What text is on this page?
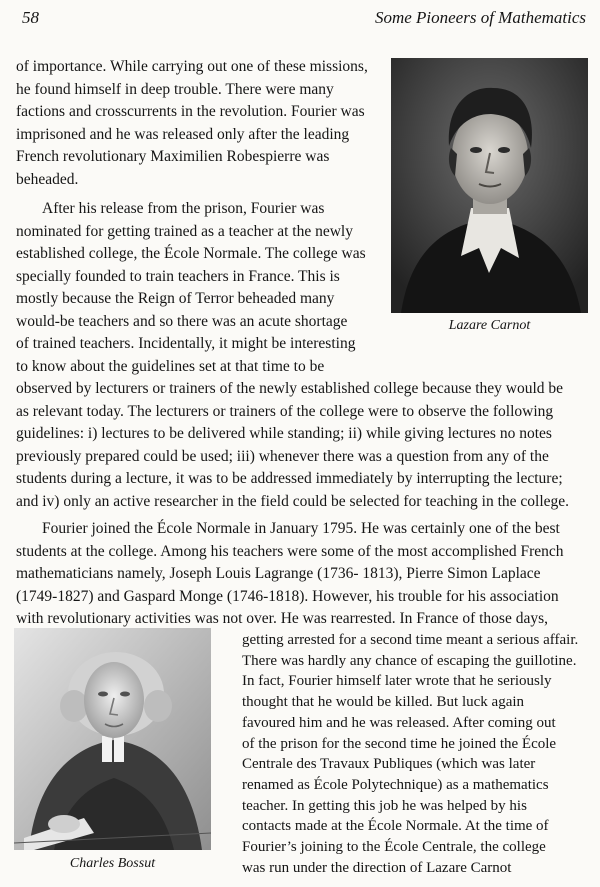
58	Some Pioneers of Mathematics
of importance. While carrying out one of these missions,
he found himself in deep trouble. There were many
factions and crosscurrents in the revolution. Fourier was
imprisoned and he was released only after the leading
French revolutionary Maximilien Robespierre was
beheaded.
After his release from the prison, Fourier was
nominated for getting trained as a teacher at the newly
established college, the École Normale. The college was
specially founded to train teachers in France. This is
mostly because the Reign of Terror beheaded many
would-be teachers and so there was an acute shortage
of trained teachers. Incidentally, it might be interesting
to know about the guidelines set at that time to be
observed by lecturers or trainers of the newly established college because they would be
as relevant today. The lecturers or trainers of the college were to observe the following
guidelines: i) lectures to be delivered while standing; ii) while giving lectures no notes
previously prepared could be used; iii) whenever there was a question from any of the
students during a lecture, it was to be addressed immediately by interrupting the lecture;
and iv) only an active researcher in the field could be selected for teaching in the college.
Fourier joined the École Normale in January 1795. He was certainly one of the best
students at the college. Among his teachers were some of the most accomplished French
mathematicians namely, Joseph Louis Lagrange (1736- 1813), Pierre Simon Laplace
(1749-1827) and Gaspard Monge (1746-1818). However, his trouble for his association
with revolutionary activities was not over. He was rearrested. In France of those days,
getting arrested for a second time meant a serious affair.
There was hardly any chance of escaping the guillotine.
In fact, Fourier himself later wrote that he seriously
thought that he would be killed. But luck again
favoured him and he was released. After coming out
of the prison for the second time he joined the École
Centrale des Travaux Publiques (which was later
renamed as École Polytechnique) as a mathematics
teacher. In getting this job he was helped by his
contacts made at the École Normale. At the time of
Fourier’s joining to the École Centrale, the college
was run under the direction of Lazare Carnot
Lazare Carnot
Charles Bossut
